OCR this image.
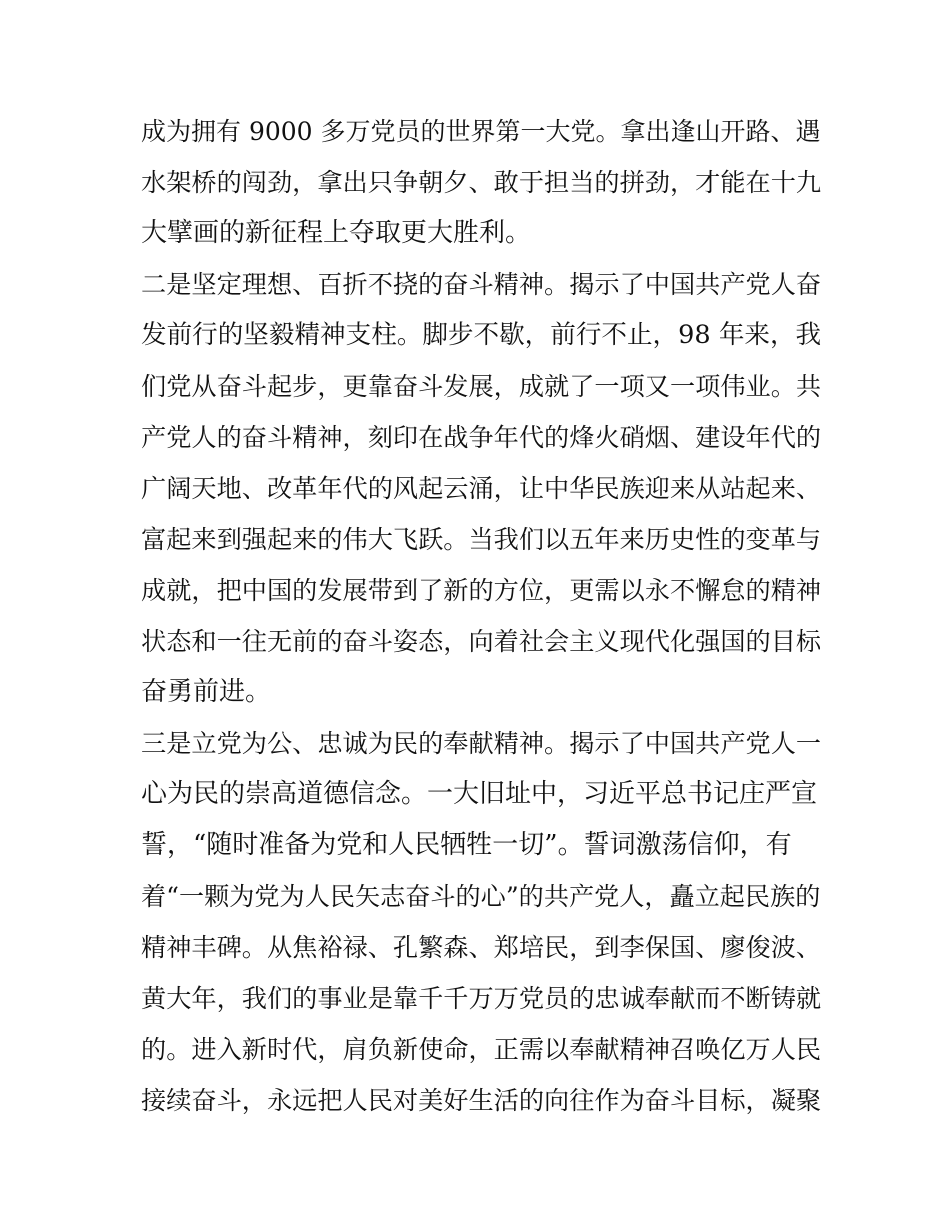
成为拥有 9000 多万党员的世界第一大党。拿出逢山开路、遇
水架桥的闯劲，拿出只争朝夕、敢于担当的拼劲，才能在十九
大擘画的新征程上夺取更大胜利。
二是坚定理想、百折不挠的奋斗精神。揭示了中国共产党人奋
发前行的坚毅精神支柱。脚步不歇，前行不止，98 年来，我
们党从奋斗起步，更靠奋斗发展，成就了一项又一项伟业。共
产党人的奋斗精神，刻印在战争年代的烽火硝烟、建设年代的
广阔天地、改革年代的风起云涌，让中华民族迎来从站起来、
富起来到强起来的伟大飞跃。当我们以五年来历史性的变革与
成就，把中国的发展带到了新的方位，更需以永不懈怠的精神
状态和一往无前的奋斗姿态，向着社会主义现代化强国的目标
奋勇前进。
三是立党为公、忠诚为民的奉献精神。揭示了中国共产党人一
心为民的崇高道德信念。一大旧址中，习近平总书记庄严宣
誓，“随时准备为党和人民牺牲一切”。誓词激荡信仰，有
着“一颗为党为人民矢志奋斗的心”的共产党人，矗立起民族的
精神丰碑。从焦裕禄、孔繁森、郑培民，到李保国、廖俊波、
黄大年，我们的事业是靠千千万万党员的忠诚奉献而不断铸就
的。进入新时代，肩负新使命，正需以奉献精神召唤亿万人民
接续奋斗，永远把人民对美好生活的向往作为奋斗目标，凝聚
